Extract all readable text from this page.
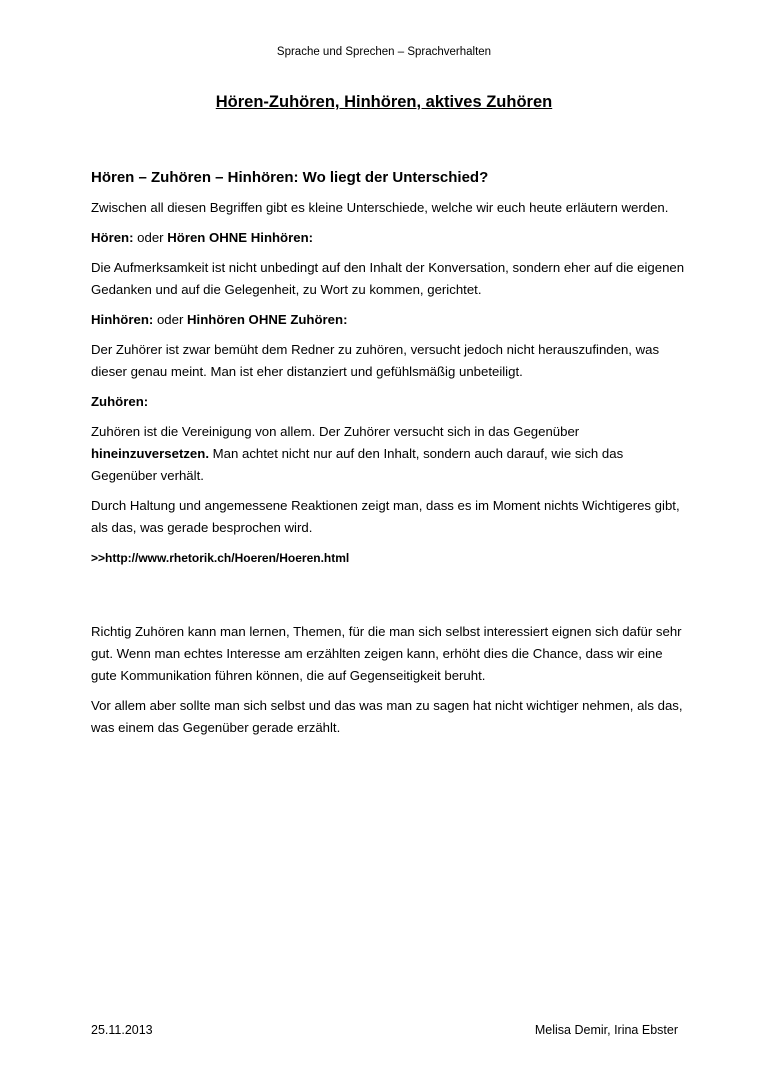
Sprache und Sprechen – Sprachverhalten
Hören-Zuhören, Hinhören, aktives Zuhören

Hören – Zuhören – Hinhören: Wo liegt der Unterschied?

Zwischen all diesen Begriffen gibt es kleine Unterschiede, welche wir euch heute erläutern werden.

Hören: oder Hören OHNE Hinhören:

Die Aufmerksamkeit ist nicht unbedingt auf den Inhalt der Konversation, sondern eher auf die eigenen Gedanken und auf die Gelegenheit, zu Wort zu kommen, gerichtet.

Hinhören: oder Hinhören OHNE Zuhören:

Der Zuhörer ist zwar bemüht dem Redner zu zuhören, versucht jedoch nicht herauszufinden, was dieser genau meint. Man ist eher distanziert und gefühlsmäßig unbeteiligt.

Zuhören:

Zuhören ist die Vereinigung von allem. Der Zuhörer versucht sich in das Gegenüber hineinzuversetzen. Man achtet nicht nur auf den Inhalt, sondern auch darauf, wie sich das Gegenüber verhält.

Durch Haltung und angemessene Reaktionen zeigt man, dass es im Moment nichts Wichtigeres gibt, als das, was gerade besprochen wird.

>>http://www.rhetorik.ch/Hoeren/Hoeren.html

Richtig Zuhören kann man lernen, Themen, für die man sich selbst interessiert eignen sich dafür sehr gut. Wenn man echtes Interesse am erzählten zeigen kann, erhöht dies die Chance, dass wir eine gute Kommunikation führen können, die auf Gegenseitigkeit beruht.

Vor allem aber sollte man sich selbst und das was man zu sagen hat nicht wichtiger nehmen, als das, was einem das Gegenüber gerade erzählt.

25.11.2013	Melisa Demir, Irina Ebster
